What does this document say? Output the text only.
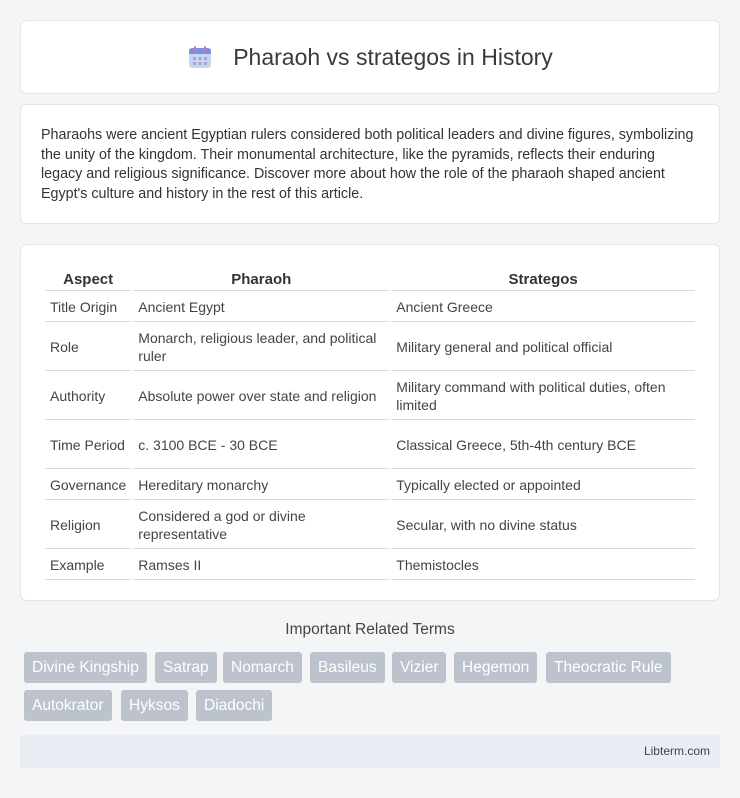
Pharaoh vs strategos in History

Pharaohs were ancient Egyptian rulers considered both political leaders and divine figures, symbolizing the unity of the kingdom. Their monumental architecture, like the pyramids, reflects their enduring legacy and religious significance. Discover more about how the role of the pharaoh shaped ancient Egypt's culture and history in the rest of this article.

Aspect	Pharaoh	Strategos
Title Origin	Ancient Egypt	Ancient Greece
Role	Monarch, religious leader, and political ruler	Military general and political official
Authority	Absolute power over state and religion	Military command with political duties, often limited
Time Period	c. 3100 BCE - 30 BCE	Classical Greece, 5th-4th century BCE
Governance	Hereditary monarchy	Typically elected or appointed
Religion	Considered a god or divine representative	Secular, with no divine status
Example	Ramses II	Themistocles
Important Related Terms
Divine Kingship	Satrap	Nomarch	Basileus	Vizier	Hegemon	Theocratic Rule
Autokrator	Hyksos	Diadochi
Libterm.com
